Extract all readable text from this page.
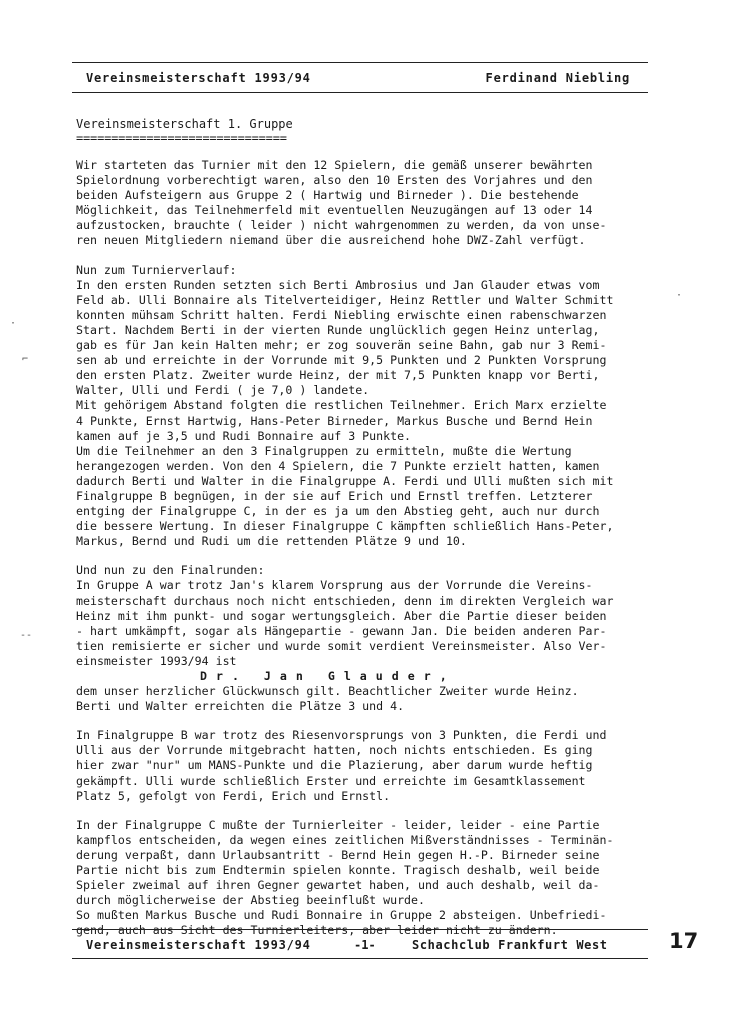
Vereinsmeisterschaft 1993/94	Ferdinand Niebling
Vereinsmeisterschaft 1. Gruppe
==============================
Wir starteten das Turnier mit den 12 Spielern, die gemäß unserer bewährten
Spielordnung vorberechtigt waren, also den 10 Ersten des Vorjahres und den
beiden Aufsteigern aus Gruppe 2 ( Hartwig und Birneder ). Die bestehende
Möglichkeit, das Teilnehmerfeld mit eventuellen Neuzugängen auf 13 oder 14
aufzustocken, brauchte ( leider ) nicht wahrgenommen zu werden, da von unse-
ren neuen Mitgliedern niemand über die ausreichend hohe DWZ-Zahl verfügt.
Nun zum Turnierverlauf:
In den ersten Runden setzten sich Berti Ambrosius und Jan Glauder etwas vom
Feld ab. Ulli Bonnaire als Titelverteidiger, Heinz Rettler und Walter Schmitt
konnten mühsam Schritt halten. Ferdi Niebling erwischte einen rabenschwarzen
Start. Nachdem Berti in der vierten Runde unglücklich gegen Heinz unterlag,
gab es für Jan kein Halten mehr; er zog souverän seine Bahn, gab nur 3 Remi-
sen ab und erreichte in der Vorrunde mit 9,5 Punkten und 2 Punkten Vorsprung
den ersten Platz. Zweiter wurde Heinz, der mit 7,5 Punkten knapp vor Berti,
Walter, Ulli und Ferdi ( je 7,0 ) landete.
Mit gehörigem Abstand folgten die restlichen Teilnehmer. Erich Marx erzielte
4 Punkte, Ernst Hartwig, Hans-Peter Birneder, Markus Busche und Bernd Hein
kamen auf je 3,5 und Rudi Bonnaire auf 3 Punkte.
Um die Teilnehmer an den 3 Finalgruppen zu ermitteln, mußte die Wertung
herangezogen werden. Von den 4 Spielern, die 7 Punkte erzielt hatten, kamen
dadurch Berti und Walter in die Finalgruppe A. Ferdi und Ulli mußten sich mit
Finalgruppe B begnügen, in der sie auf Erich und Ernstl treffen. Letzterer
entging der Finalgruppe C, in der es ja um den Abstieg geht, auch nur durch
die bessere Wertung. In dieser Finalgruppe C kämpften schließlich Hans-Peter,
Markus, Bernd und Rudi um die rettenden Plätze 9 und 10.
Und nun zu den Finalrunden:
In Gruppe A war trotz Jan's klarem Vorsprung aus der Vorrunde die Vereins-
meisterschaft durchaus noch nicht entschieden, denn im direkten Vergleich war
Heinz mit ihm punkt- und sogar wertungsgleich. Aber die Partie dieser beiden
- hart umkämpft, sogar als Hängepartie - gewann Jan. Die beiden anderen Par-
tien remisierte er sicher und wurde somit verdient Vereinsmeister. Also Ver-
einsmeister 1993/94 ist
Dr. Jan Glauder,
dem unser herzlicher Glückwunsch gilt. Beachtlicher Zweiter wurde Heinz.
Berti und Walter erreichten die Plätze 3 und 4.
In Finalgruppe B war trotz des Riesenvorsprungs von 3 Punkten, die Ferdi und
Ulli aus der Vorrunde mitgebracht hatten, noch nichts entschieden. Es ging
hier zwar "nur" um MANS-Punkte und die Plazierung, aber darum wurde heftig
gekämpft. Ulli wurde schließlich Erster und erreichte im Gesamtklassement
Platz 5, gefolgt von Ferdi, Erich und Ernstl.
In der Finalgruppe C mußte der Turnierleiter - leider, leider - eine Partie
kampflos entscheiden, da wegen eines zeitlichen Mißverständnisses - Terminän-
derung verpaßt, dann Urlaubsantritt - Bernd Hein gegen H.-P. Birneder seine
Partie nicht bis zum Endtermin spielen konnte. Tragisch deshalb, weil beide
Spieler zweimal auf ihren Gegner gewartet haben, und auch deshalb, weil da-
durch möglicherweise der Abstieg beeinflußt wurde.
So mußten Markus Busche und Rudi Bonnaire in Gruppe 2 absteigen. Unbefriedi-
gend, auch aus Sicht des Turnierleiters, aber leider nicht zu ändern.
·
⌐
--
·
Vereinsmeisterschaft 1993/94	-1-	Schachclub Frankfurt West	17
